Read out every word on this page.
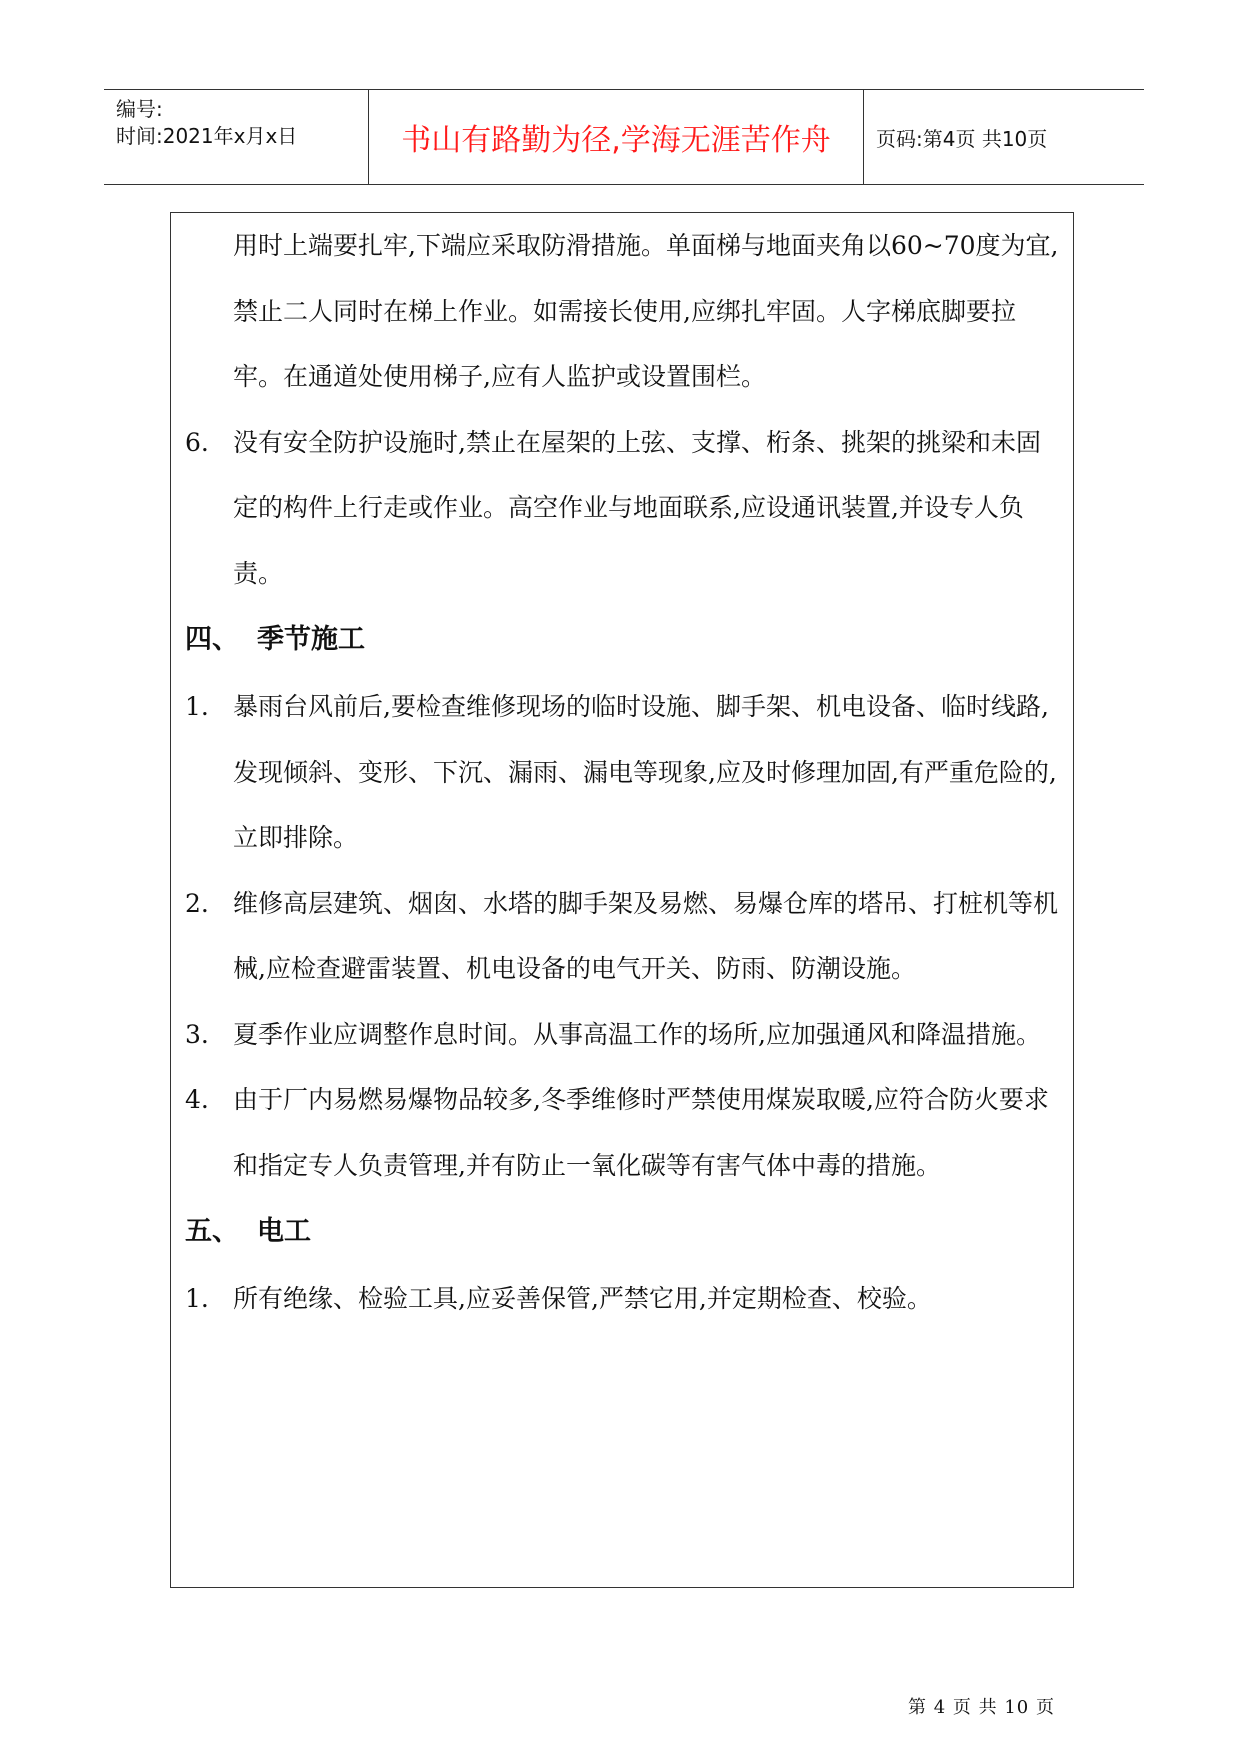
编号:
时间:2021年x月x日	书山有路勤为径,学海无涯苦作舟	页码:第4页 共10页

用时上端要扎牢,下端应采取防滑措施。单面梯与地面夹角以60~70度为宜,禁止二人同时在梯上作业。如需接长使用,应绑扎牢固。人字梯底脚要拉牢。在通道处使用梯子,应有人监护或设置围栏。

6. 没有安全防护设施时,禁止在屋架的上弦、支撑、桁条、挑架的挑梁和未固定的构件上行走或作业。高空作业与地面联系,应设通讯装置,并设专人负责。

四、 季节施工

1. 暴雨台风前后,要检查维修现场的临时设施、脚手架、机电设备、临时线路,发现倾斜、变形、下沉、漏雨、漏电等现象,应及时修理加固,有严重危险的,立即排除。

2. 维修高层建筑、烟囱、水塔的脚手架及易燃、易爆仓库的塔吊、打桩机等机械,应检查避雷装置、机电设备的电气开关、防雨、防潮设施。

3. 夏季作业应调整作息时间。从事高温工作的场所,应加强通风和降温措施。

4. 由于厂内易燃易爆物品较多,冬季维修时严禁使用煤炭取暖,应符合防火要求和指定专人负责管理,并有防止一氧化碳等有害气体中毒的措施。

五、 电工

1. 所有绝缘、检验工具,应妥善保管,严禁它用,并定期检查、校验。

第 4 页 共 10 页
